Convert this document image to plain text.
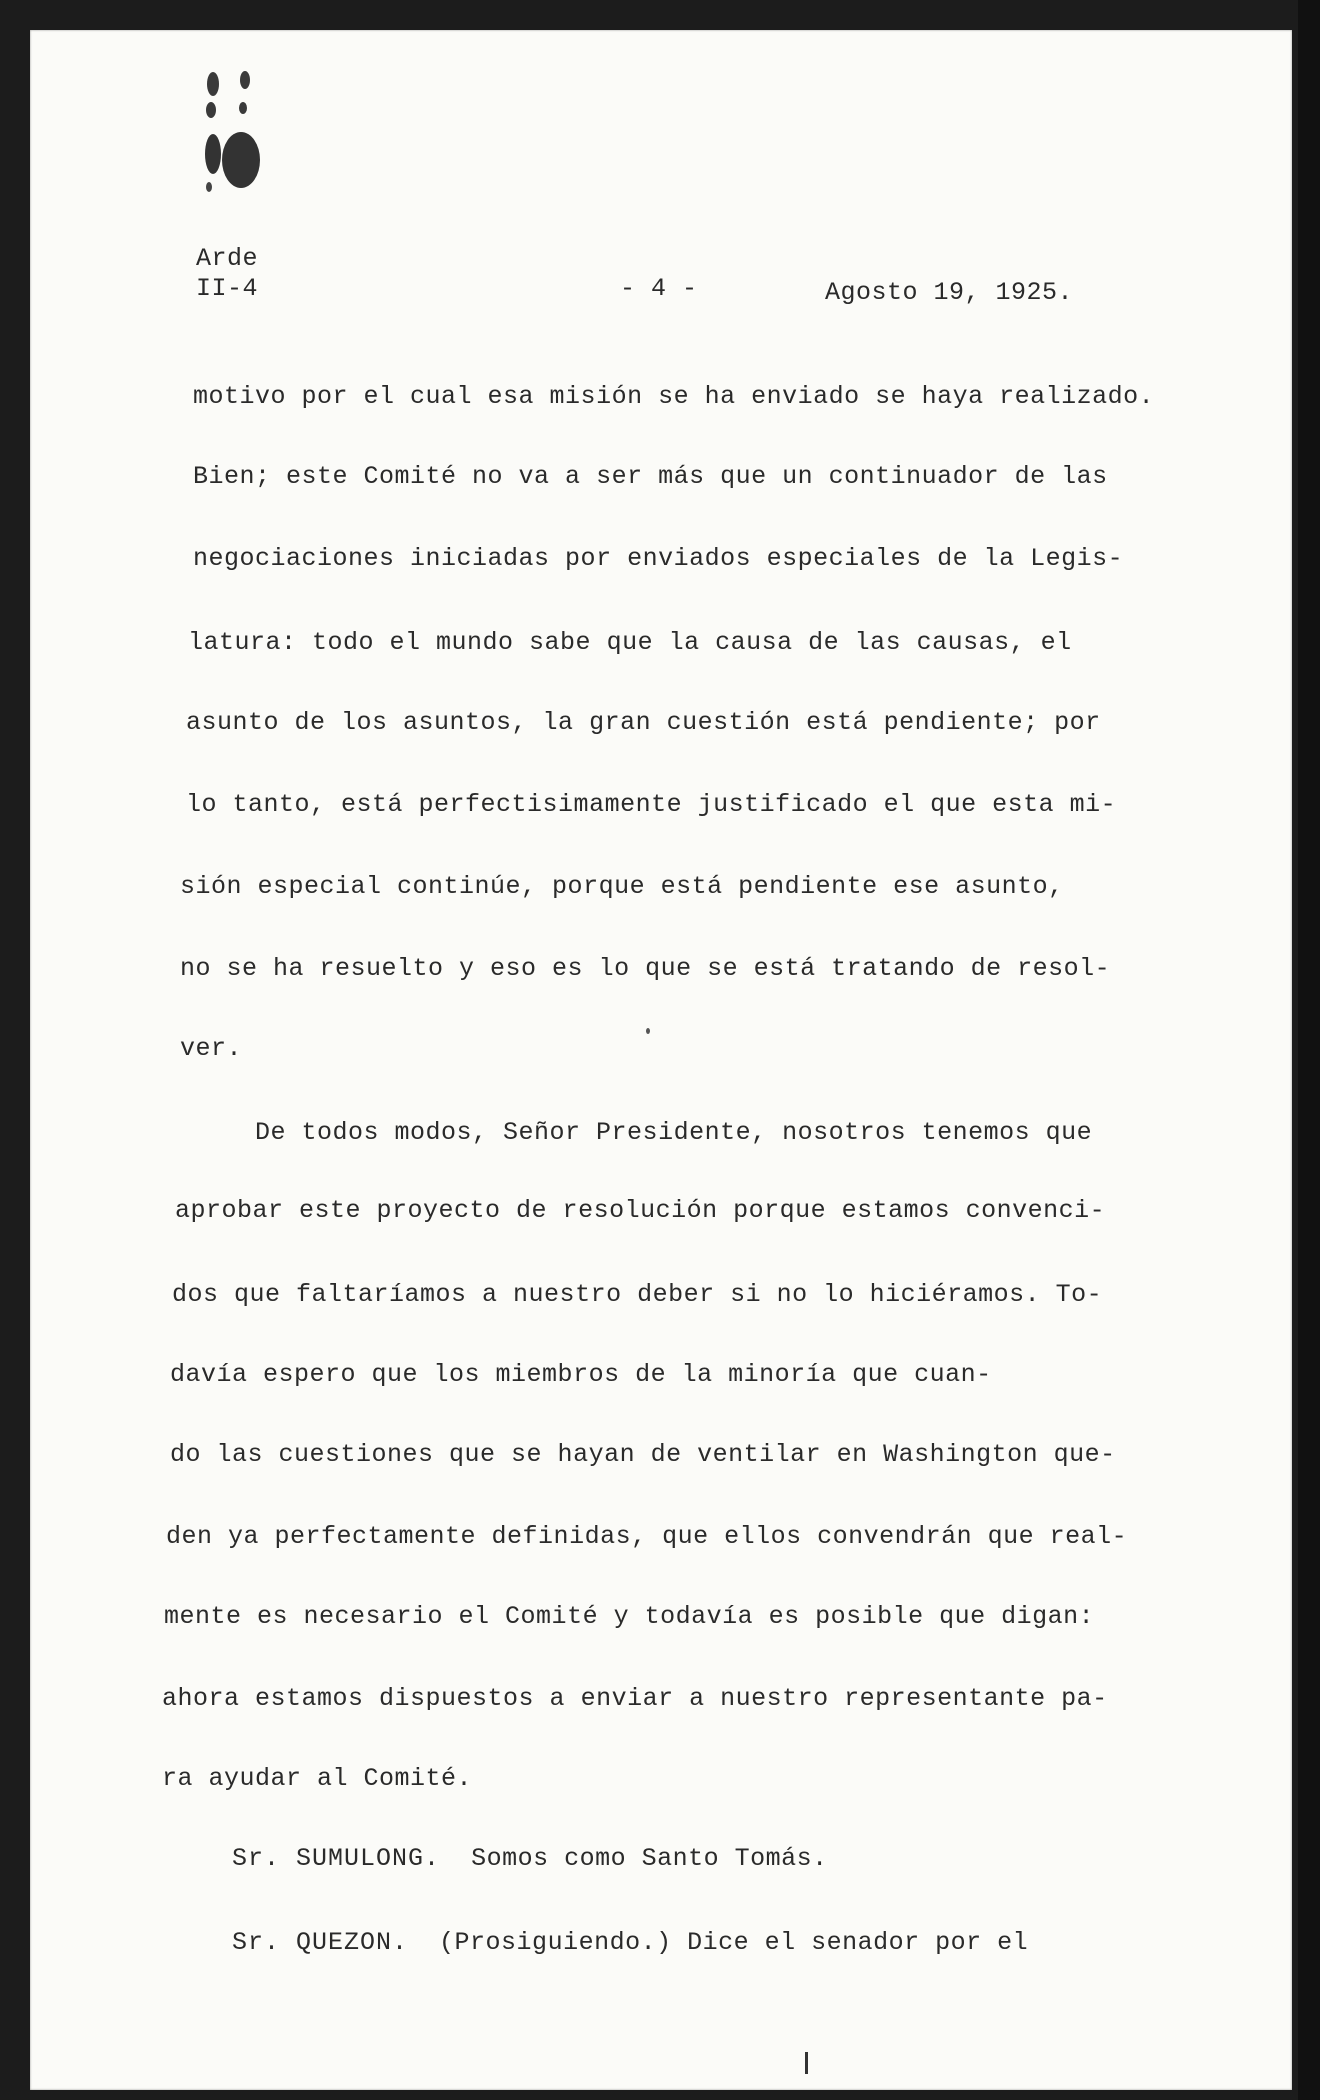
Arde
II-4	- 4 -	Agosto 19, 1925.
motivo por el cual esa misión se ha enviado se haya realizado.
Bien; este Comité no va a ser más que un continuador de las
negociaciones iniciadas por enviados especiales de la Legis-
latura: todo el mundo sabe que la causa de las causas, el
asunto de los asuntos, la gran cuestión está pendiente; por
lo tanto, está perfectisimamente justificado el que esta mi-
sión especial continúe, porque está pendiente ese asunto,
no se ha resuelto y eso es lo que se está tratando de resol-
ver.
De todos modos, Señor Presidente, nosotros tenemos que
aprobar este proyecto de resolución porque estamos convenci-
dos que faltaríamos a nuestro deber si no lo hiciéramos. To-
davía espero que los miembros de la minoría que cuan-
do las cuestiones que se hayan de ventilar en Washington que-
den ya perfectamente definidas, que ellos convendrán que real-
mente es necesario el Comité y todavía es posible que digan:
ahora estamos dispuestos a enviar a nuestro representante pa-
ra ayudar al Comité.
Sr. SUMULONG. Somos como Santo Tomás.
Sr. QUEZON. (Prosiguiendo.) Dice el senador por el
